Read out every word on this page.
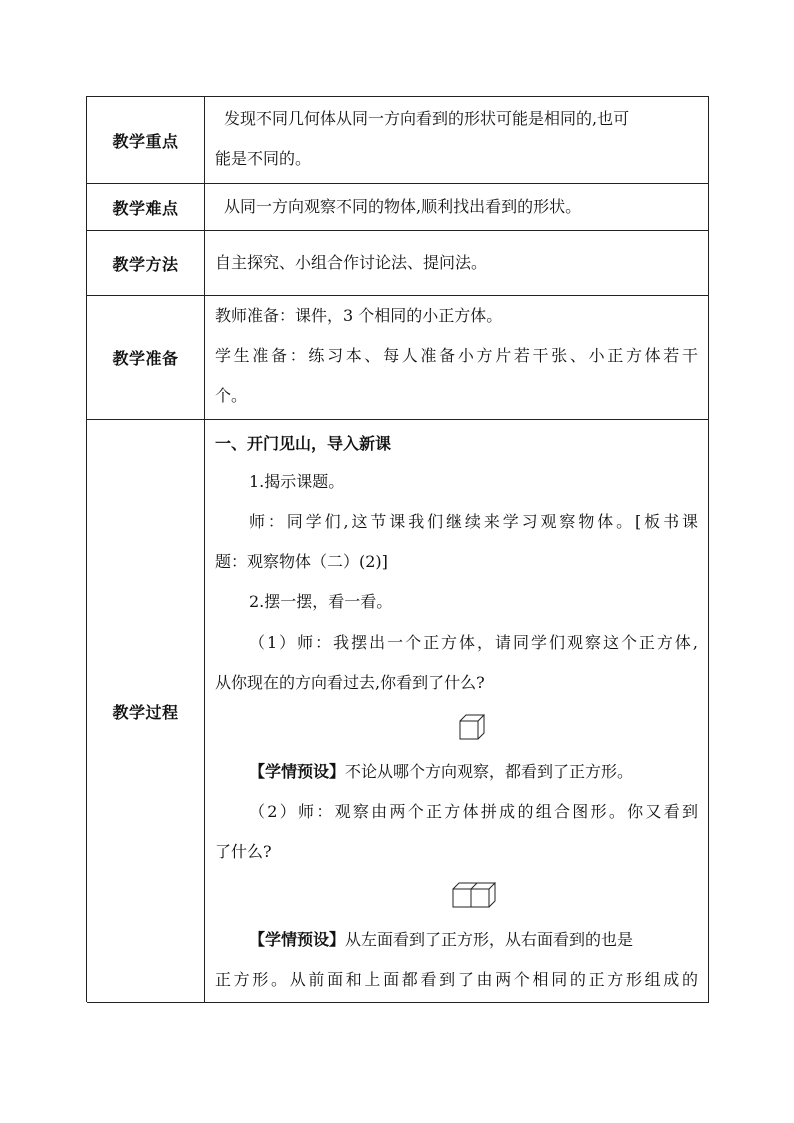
教学重点
发现不同几何体从同一方向看到的形状可能是相同的,也可
能是不同的。
教学难点	从同一方向观察不同的物体,顺利找出看到的形状。
教学方法	自主探究、小组合作讨论法、提问法。
教学准备
教师准备：课件，3 个相同的小正方体。
学生准备：练习本、每人准备小方片若干张、小正方体若干
个。
教学过程
一、开门见山，导入新课
1.揭示课题。
师：同学们,这节课我们继续来学习观察物体。[板书课
题：观察物体（二）(2)]
2.摆一摆，看一看。
（1）师：我摆出一个正方体，请同学们观察这个正方体,
从你现在的方向看过去,你看到了什么?
【学情预设】不论从哪个方向观察，都看到了正方形。
（2）师：观察由两个正方体拼成的组合图形。你又看到
了什么?
【学情预设】从左面看到了正方形，从右面看到的也是
正方形。从前面和上面都看到了由两个相同的正方形组成的
